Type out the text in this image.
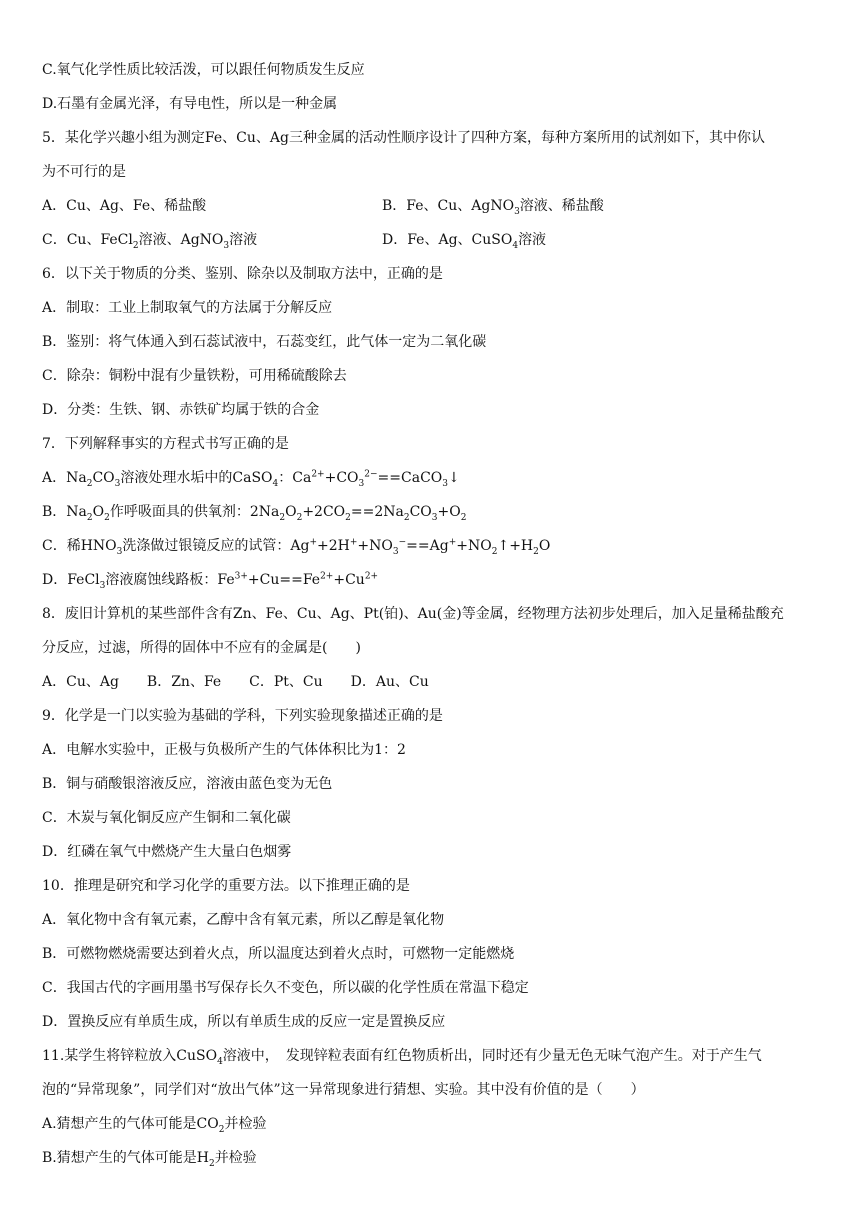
C.氧气化学性质比较活泼，可以跟任何物质发生反应
D.石墨有金属光泽，有导电性，所以是一种金属
5．某化学兴趣小组为测定Fe、Cu、Ag三种金属的活动性顺序设计了四种方案，每种方案所用的试剂如下，其中你认
为不可行的是
A．Cu、Ag、Fe、稀盐酸	B．Fe、Cu、AgNO$_3$溶液、稀盐酸
C．Cu、FeCl$_2$溶液、AgNO$_3$溶液	D．Fe、Ag、CuSO$_4$溶液
6．以下关于物质的分类、鉴别、除杂以及制取方法中，正确的是
A．制取：工业上制取氧气的方法属于分解反应
B．鉴别：将气体通入到石蕊试液中，石蕊变红，此气体一定为二氧化碳
C．除杂：铜粉中混有少量铁粉，可用稀硫酸除去
D．分类：生铁、钢、赤铁矿均属于铁的合金
7．下列解释事实的方程式书写正确的是
A．$Na_2CO_3$溶液处理水垢中的CaSO$_4$：$Ca^{2+}+CO_3^{2-}==CaCO_3↓$
B．$Na_2O_2$作呼吸面具的供氧剂：$2Na_2O_2+2CO_2==2Na_2CO_3+O_2$
C．稀$HNO_3$洗涤做过银镜反应的试管：$Ag^++2H^++NO_3^-==Ag^++NO_2↑+H_2O$
D．FeCl$_3$溶液腐蚀线路板：$Fe^{3+}+Cu==Fe^{2+}+Cu^{2+}$
8．废旧计算机的某些部件含有Zn、Fe、Cu、Ag、Pt(铂)、Au(金)等金属，经物理方法初步处理后，加入足量稀盐酸充
分反应，过滤，所得的固体中不应有的金属是(　　)
A．Cu、Ag　　B．Zn、Fe　　C．Pt、Cu　　D．Au、Cu
9．化学是一门以实验为基础的学科，下列实验现象描述正确的是
A．电解水实验中，正极与负极所产生的气体体积比为1：2
B．铜与硝酸银溶液反应，溶液由蓝色变为无色
C．木炭与氧化铜反应产生铜和二氧化碳
D．红磷在氧气中燃烧产生大量白色烟雾
10．推理是研究和学习化学的重要方法。以下推理正确的是
A．氧化物中含有氧元素，乙醇中含有氧元素，所以乙醇是氧化物
B．可燃物燃烧需要达到着火点，所以温度达到着火点时，可燃物一定能燃烧
C．我国古代的字画用墨书写保存长久不变色，所以碳的化学性质在常温下稳定
D．置换反应有单质生成，所以有单质生成的反应一定是置换反应
11.某学生将锌粒放入CuSO$_4$溶液中，　发现锌粒表面有红色物质析出，同时还有少量无色无味气泡产生。对于产生气
泡的“异常现象”，同学们对“放出气体”这一异常现象进行猜想、实验。其中没有价值的是（　　）
A.猜想产生的气体可能是$CO_2$并检验
B.猜想产生的气体可能是$H_2$并检验
